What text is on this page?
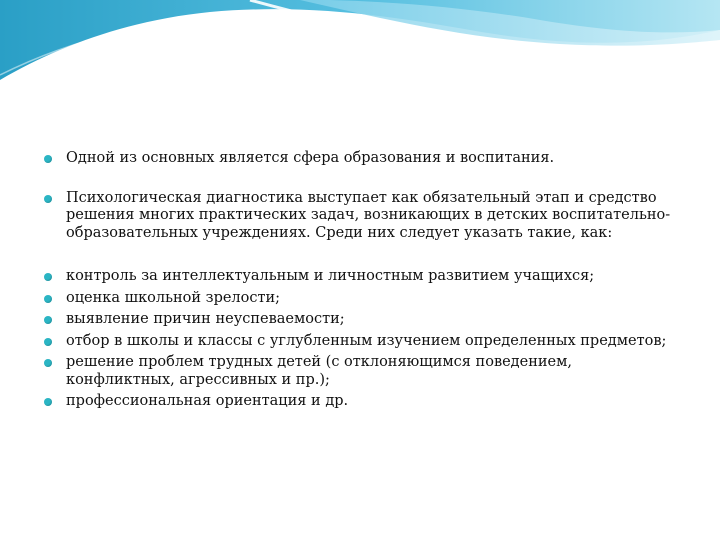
Одной из основных является сфера образования и воспитания.
Психологическая диагностика выступает как обязательный этап и средство решения многих практических задач, возникающих в детских воспитательно-образовательных учреждениях. Среди них следует указать такие, как:
контроль за интеллектуальным и личностным развитием учащихся;
оценка школьной зрелости;
выявление причин неуспеваемости;
отбор в школы и классы с углубленным изучением определенных предметов;
решение проблем трудных детей (с отклоняющимся поведением, конфликтных, агрессивных и пр.);
профессиональная ориентация и др.
